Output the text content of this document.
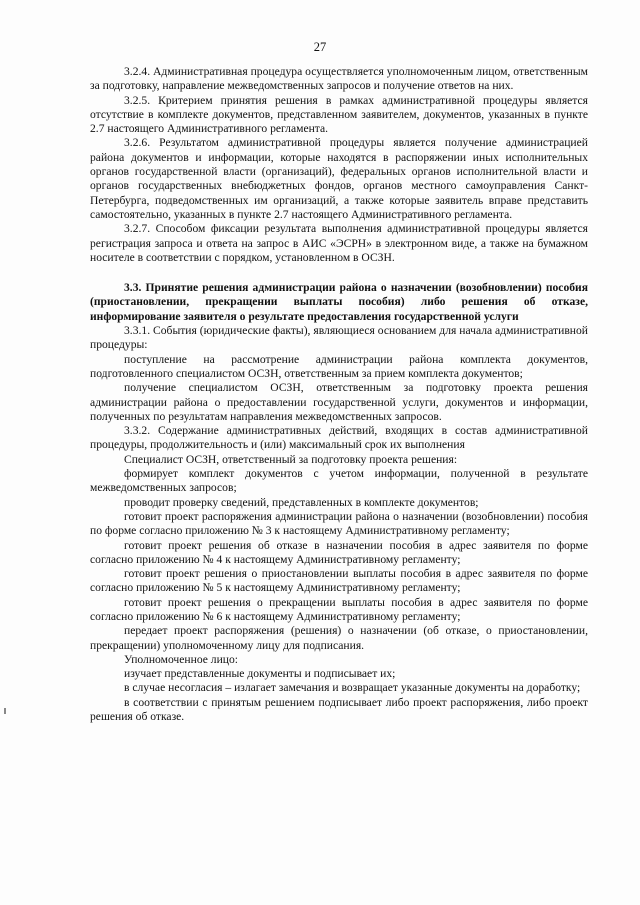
27

3.2.4. Административная процедура осуществляется уполномоченным лицом, ответственным за подготовку, направление межведомственных запросов и получение ответов на них.

3.2.5. Критерием принятия решения в рамках административной процедуры является отсутствие в комплекте документов, представленном заявителем, документов, указанных в пункте 2.7 настоящего Административного регламента.

3.2.6. Результатом административной процедуры является получение администрацией района документов и информации, которые находятся в распоряжении иных исполнительных органов государственной власти (организаций), федеральных органов исполнительной власти и органов государственных внебюджетных фондов, органов местного самоуправления Санкт-Петербурга, подведомственных им организаций, а также которые заявитель вправе представить самостоятельно, указанных в пункте 2.7 настоящего Административного регламента.

3.2.7. Способом фиксации результата выполнения административной процедуры является регистрация запроса и ответа на запрос в АИС «ЭСРН» в электронном виде, а также на бумажном носителе в соответствии с порядком, установленном в ОСЗН.

3.3. Принятие решения администрации района о назначении (возобновлении) пособия (приостановлении, прекращении выплаты пособия) либо решения об отказе, информирование заявителя о результате предоставления государственной услуги

3.3.1. События (юридические факты), являющиеся основанием для начала административной процедуры:

поступление на рассмотрение администрации района комплекта документов, подготовленного специалистом ОСЗН, ответственным за прием комплекта документов;

получение специалистом ОСЗН, ответственным за подготовку проекта решения администрации района о предоставлении государственной услуги, документов и информации, полученных по результатам направления межведомственных запросов.

3.3.2. Содержание административных действий, входящих в состав административной процедуры, продолжительность и (или) максимальный срок их выполнения

Специалист ОСЗН, ответственный за подготовку проекта решения:

формирует комплект документов с учетом информации, полученной в результате межведомственных запросов;

проводит проверку сведений, представленных в комплекте документов;

готовит проект распоряжения администрации района о назначении (возобновлении) пособия по форме согласно приложению № 3 к настоящему Административному регламенту;

готовит проект решения об отказе в назначении пособия в адрес заявителя по форме согласно приложению № 4 к настоящему Административному регламенту;

готовит проект решения о приостановлении выплаты пособия в адрес заявителя по форме согласно приложению № 5 к настоящему Административному регламенту;

готовит проект решения о прекращении выплаты пособия в адрес заявителя по форме согласно приложению № 6 к настоящему Административному регламенту;

передает проект распоряжения (решения) о назначении (об отказе, о приостановлении, прекращении) уполномоченному лицу для подписания.

Уполномоченное лицо:

изучает представленные документы и подписывает их;

в случае несогласия – излагает замечания и возвращает указанные документы на доработку;

в соответствии с принятым решением подписывает либо проект распоряжения, либо проект решения об отказе.
